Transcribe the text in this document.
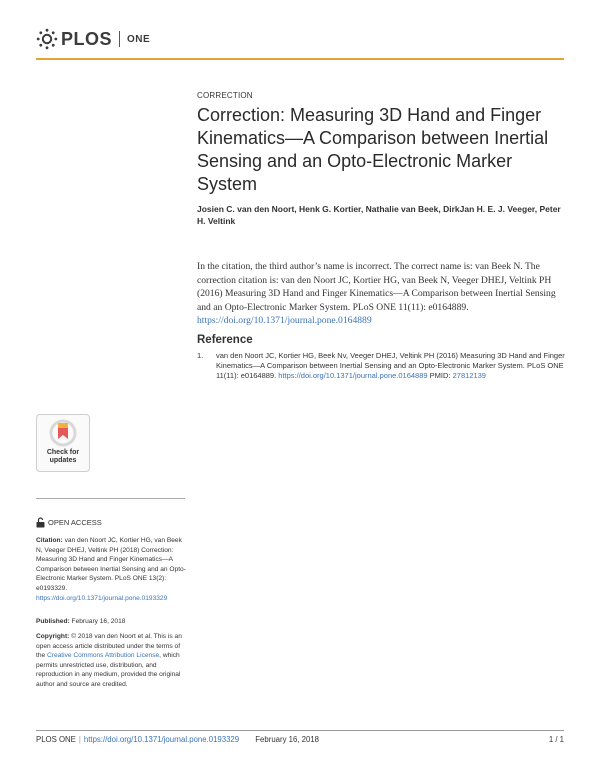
PLOS ONE
CORRECTION
Correction: Measuring 3D Hand and Finger Kinematics—A Comparison between Inertial Sensing and an Opto-Electronic Marker System
Josien C. van den Noort, Henk G. Kortier, Nathalie van Beek, DirkJan H. E. J. Veeger, Peter H. Veltink
In the citation, the third author’s name is incorrect. The correct name is: van Beek N. The correction citation is: van den Noort JC, Kortier HG, van Beek N, Veeger DHEJ, Veltink PH (2016) Measuring 3D Hand and Finger Kinematics—A Comparison between Inertial Sensing and an Opto-Electronic Marker System. PLoS ONE 11(11): e0164889. https://doi.org/10.1371/journal.pone.0164889
Reference
1. van den Noort JC, Kortier HG, Beek Nv, Veeger DHEJ, Veltink PH (2016) Measuring 3D Hand and Finger Kinematics—A Comparison between Inertial Sensing and an Opto-Electronic Marker System. PLoS ONE 11(11): e0164889. https://doi.org/10.1371/journal.pone.0164889 PMID: 27812139
Check for updates
OPEN ACCESS
Citation: van den Noort JC, Kortier HG, van Beek N, Veeger DHEJ, Veltink PH (2018) Correction: Measuring 3D Hand and Finger Kinematics—A Comparison between Inertial Sensing and an Opto-Electronic Marker System. PLoS ONE 13(2): e0193329. https://doi.org/10.1371/journal.pone.0193329
Published: February 16, 2018
Copyright: © 2018 van den Noort et al. This is an open access article distributed under the terms of the Creative Commons Attribution License, which permits unrestricted use, distribution, and reproduction in any medium, provided the original author and source are credited.
PLOS ONE | https://doi.org/10.1371/journal.pone.0193329 February 16, 2018	1 / 1
